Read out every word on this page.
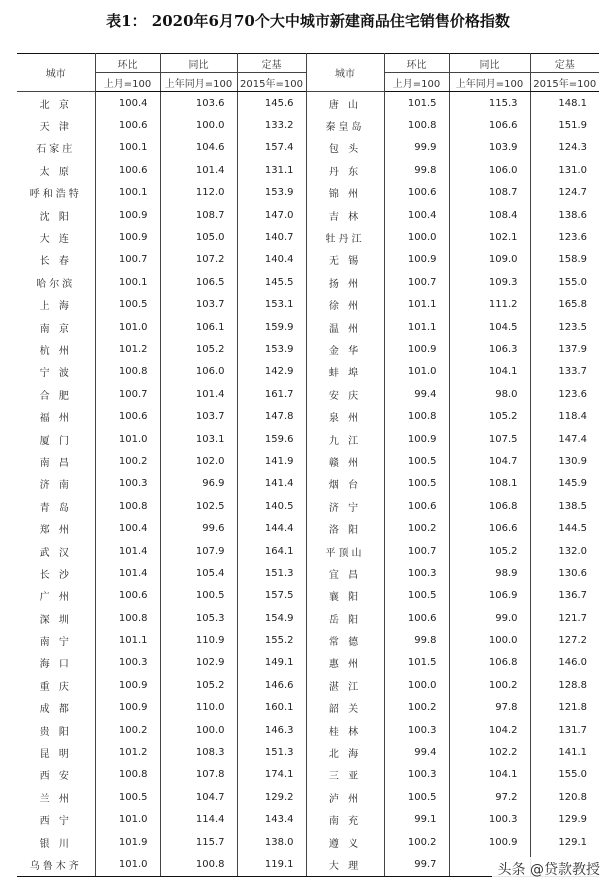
表1： 2020年6月70个大中城市新建商品住宅销售价格指数
城市	环比	同比	定基	城市	环比	同比	定基
	上月=100	上年同月=100	2015年=100		上月=100	上年同月=100	2015年=100
北 京	100.4	103.6	145.6	唐 山	101.5	115.3	148.1
天 津	100.6	100.0	133.2	秦皇岛	100.8	106.6	151.9
石家庄	100.1	104.6	157.4	包 头	99.9	103.9	124.3
太 原	100.6	101.4	131.1	丹 东	99.8	106.0	131.0
呼和浩特	100.1	112.0	153.9	锦 州	100.6	108.7	124.7
沈 阳	100.9	108.7	147.0	吉 林	100.4	108.4	138.6
大 连	100.9	105.0	140.7	牡丹江	100.0	102.1	123.6
长 春	100.7	107.2	140.4	无 锡	100.9	109.0	158.9
哈尔滨	100.1	106.5	145.5	扬 州	100.7	109.3	155.0
上 海	100.5	103.7	153.1	徐 州	101.1	111.2	165.8
南 京	101.0	106.1	159.9	温 州	101.1	104.5	123.5
杭 州	101.2	105.2	153.9	金 华	100.9	106.3	137.9
宁 波	100.8	106.0	142.9	蚌 埠	101.0	104.1	133.7
合 肥	100.7	101.4	161.7	安 庆	99.4	98.0	123.6
福 州	100.6	103.7	147.8	泉 州	100.8	105.2	118.4
厦 门	101.0	103.1	159.6	九 江	100.9	107.5	147.4
南 昌	100.2	102.0	141.9	赣 州	100.5	104.7	130.9
济 南	100.3	96.9	141.4	烟 台	100.5	108.1	145.9
青 岛	100.8	102.5	140.5	济 宁	100.6	106.8	138.5
郑 州	100.4	99.6	144.4	洛 阳	100.2	106.6	144.5
武 汉	101.4	107.9	164.1	平顶山	100.7	105.2	132.0
长 沙	101.4	105.4	151.3	宜 昌	100.3	98.9	130.6
广 州	100.6	100.5	157.5	襄 阳	100.5	106.9	136.7
深 圳	100.8	105.3	154.9	岳 阳	100.6	99.0	121.7
南 宁	101.1	110.9	155.2	常 德	99.8	100.0	127.2
海 口	100.3	102.9	149.1	惠 州	101.5	106.8	146.0
重 庆	100.9	105.2	146.6	湛 江	100.0	100.2	128.8
成 都	100.9	110.0	160.1	韶 关	100.2	97.8	121.8
贵 阳	100.2	100.0	146.3	桂 林	100.3	104.2	131.7
昆 明	101.2	108.3	151.3	北 海	99.4	102.2	141.1
西 安	100.8	107.8	174.1	三 亚	100.3	104.1	155.0
兰 州	100.5	104.7	129.2	泸 州	100.5	97.2	120.8
西 宁	101.0	114.4	143.4	南 充	99.1	100.3	129.9
银 川	101.9	115.7	138.0	遵 义	100.2	100.9	129.1
乌鲁木齐	101.0	100.8	119.1	大 理	99.7			头条 @贷款教授
